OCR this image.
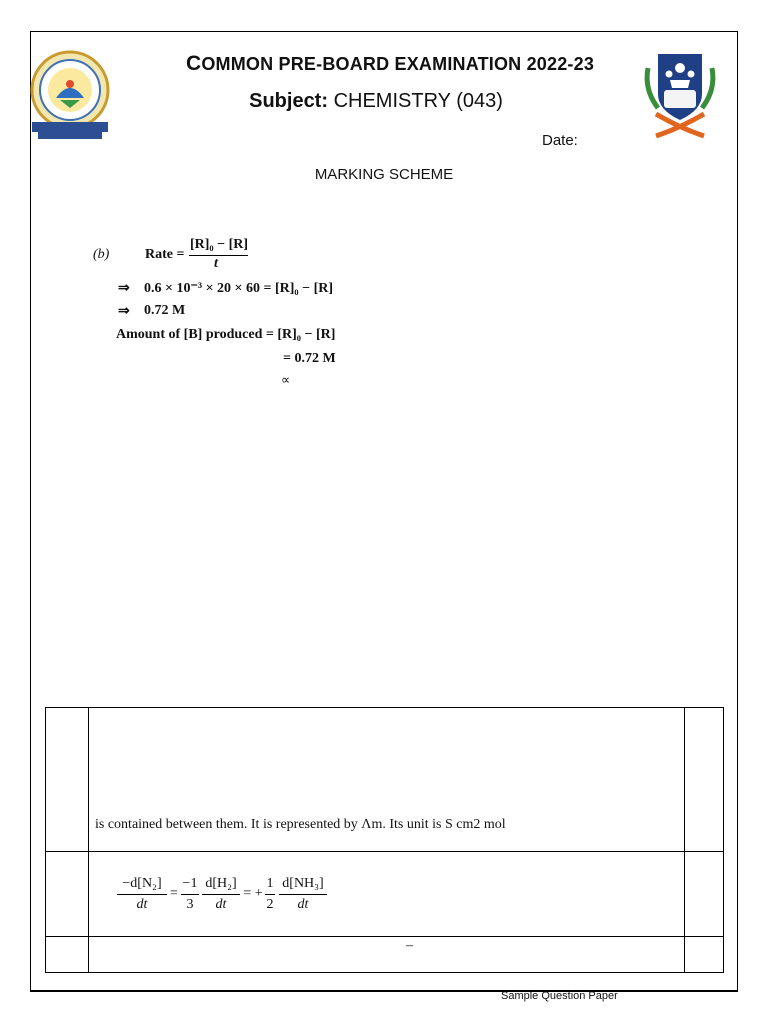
COMMON PRE-BOARD EXAMINATION 2022-23
Subject: CHEMISTRY (043)
Date:
MARKING SCHEME
(b)	Rate =
[R]₀ − [R]
t
⇒ 0.6 × 10⁻³ × 20 × 60 = [R]₀ − [R]
⇒ 0.72 M
Amount of [B] produced = [R]₀ − [R]
= 0.72 M
∝
is contained between them. It is represented by Λm. Its unit is S cm2 mol
−d[N₂]
dt
=
−1
3
d[H₂]
dt
= +
1
2
d[NH₃]
dt
–
Sample Question Paper
